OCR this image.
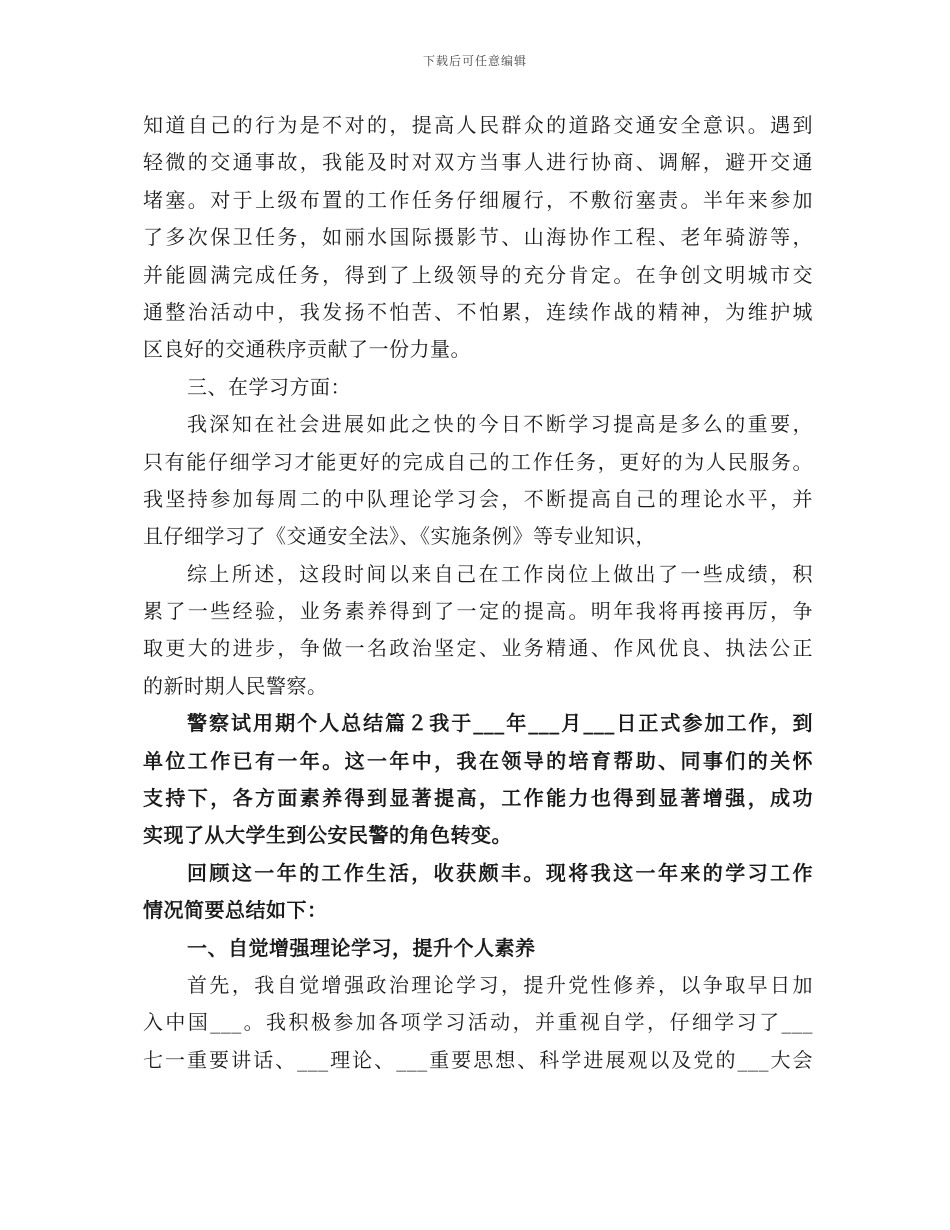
下载后可任意编辑
知道自己的行为是不对的，提高人民群众的道路交通安全意识。遇到
轻微的交通事故，我能及时对双方当事人进行协商、调解，避开交通
堵塞。对于上级布置的工作任务仔细履行，不敷衍塞责。半年来参加
了多次保卫任务，如丽水国际摄影节、山海协作工程、老年骑游等，
并能圆满完成任务，得到了上级领导的充分肯定。在争创文明城市交
通整治活动中，我发扬不怕苦、不怕累，连续作战的精神，为维护城
区良好的交通秩序贡献了一份力量。
三、在学习方面：
我深知在社会进展如此之快的今日不断学习提高是多么的重要，
只有能仔细学习才能更好的完成自己的工作任务，更好的为人民服务。
我坚持参加每周二的中队理论学习会，不断提高自己的理论水平，并
且仔细学习了《交通安全法》、《实施条例》等专业知识，
综上所述，这段时间以来自己在工作岗位上做出了一些成绩，积
累了一些经验，业务素养得到了一定的提高。明年我将再接再厉，争
取更大的进步，争做一名政治坚定、业务精通、作风优良、执法公正
的新时期人民警察。
警察试用期个人总结篇２我于___年___月___日正式参加工作，到
单位工作已有一年。这一年中，我在领导的培育帮助、同事们的关怀
支持下，各方面素养得到显著提高，工作能力也得到显著增强，成功
实现了从大学生到公安民警的角色转变。
回顾这一年的工作生活，收获颇丰。现将我这一年来的学习工作
情况简要总结如下：
一、自觉增强理论学习，提升个人素养
首先，我自觉增强政治理论学习，提升党性修养，以争取早日加
入中国___。我积极参加各项学习活动，并重视自学，仔细学习了___
七一重要讲话、___理论、___重要思想、科学进展观以及党的___大会
